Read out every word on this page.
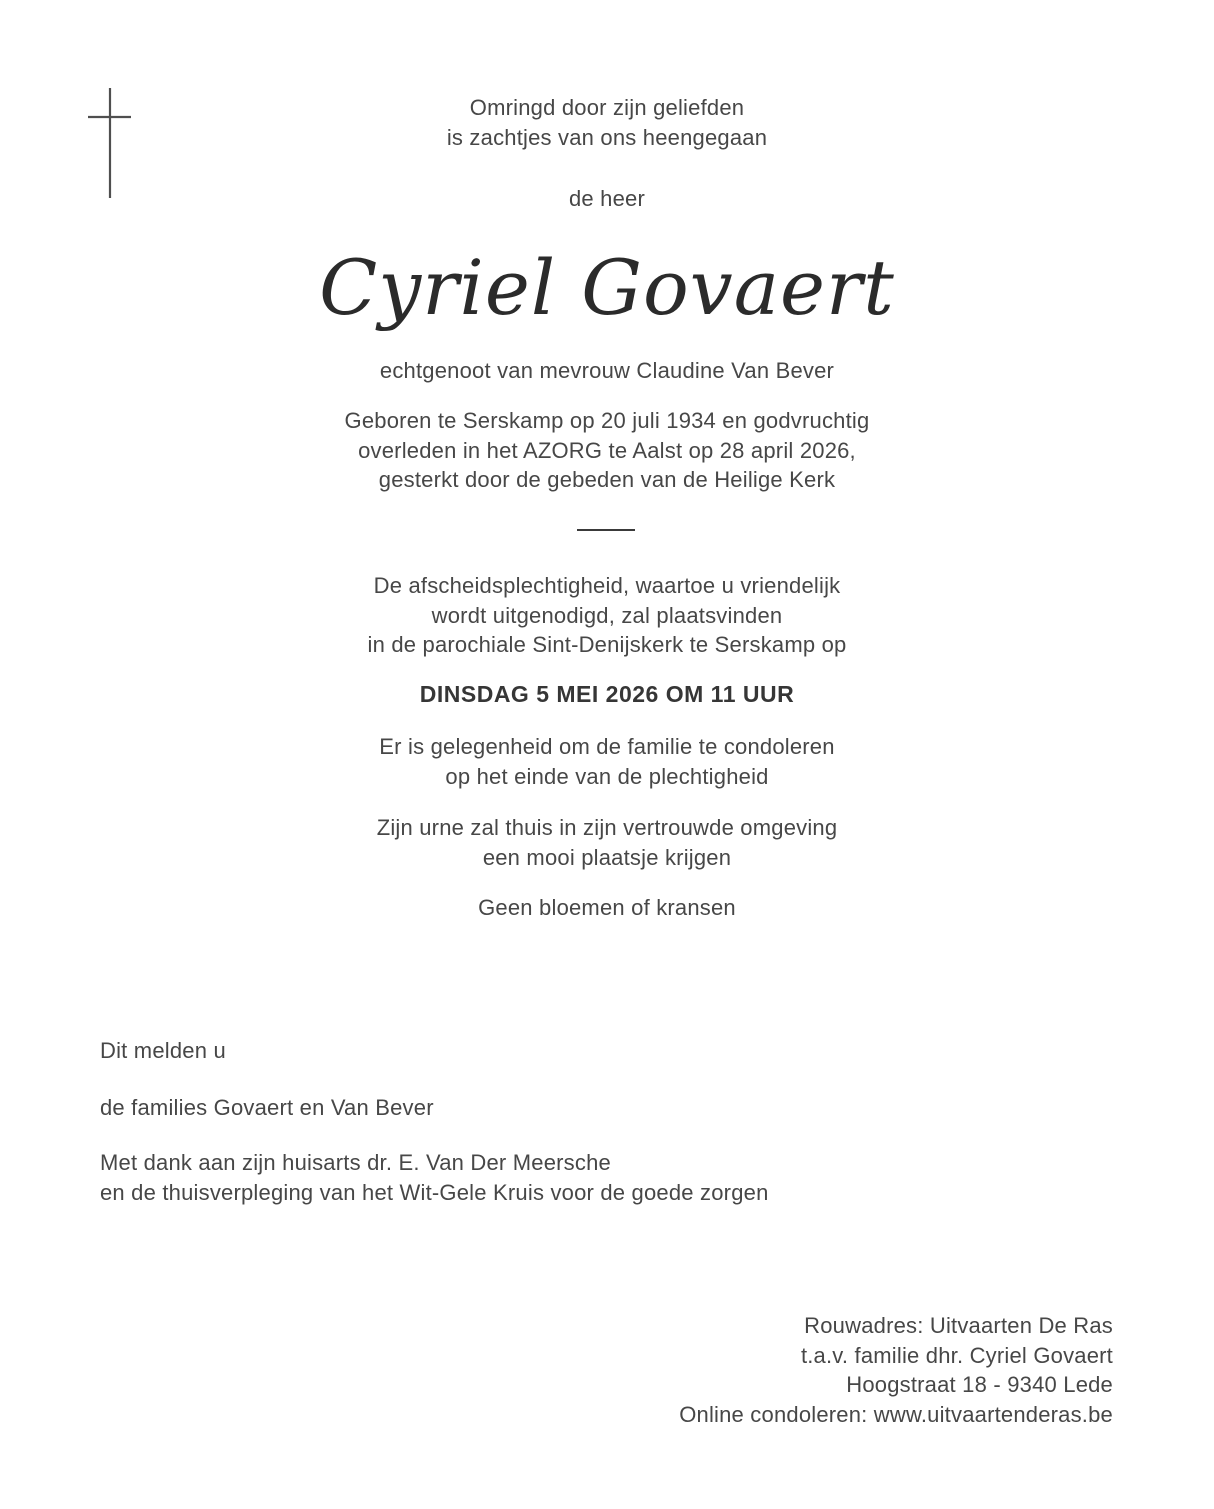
Omringd door zijn geliefden
is zachtjes van ons heengegaan
de heer
Cyriel Govaert
echtgenoot van mevrouw Claudine Van Bever
Geboren te Serskamp op 20 juli 1934 en godvruchtig
overleden in het AZORG te Aalst op 28 april 2026,
gesterkt door de gebeden van de Heilige Kerk
De afscheidsplechtigheid, waartoe u vriendelijk
wordt uitgenodigd, zal plaatsvinden
in de parochiale Sint-Denijskerk te Serskamp op
DINSDAG 5 MEI 2026 OM 11 UUR
Er is gelegenheid om de familie te condoleren
op het einde van de plechtigheid
Zijn urne zal thuis in zijn vertrouwde omgeving
een mooi plaatsje krijgen
Geen bloemen of kransen
Dit melden u
de families Govaert en Van Bever
Met dank aan zijn huisarts dr. E. Van Der Meersche
en de thuisverpleging van het Wit-Gele Kruis voor de goede zorgen
Rouwadres: Uitvaarten De Ras
t.a.v. familie dhr. Cyriel Govaert
Hoogstraat 18 - 9340 Lede
Online condoleren: www.uitvaartenderas.be
